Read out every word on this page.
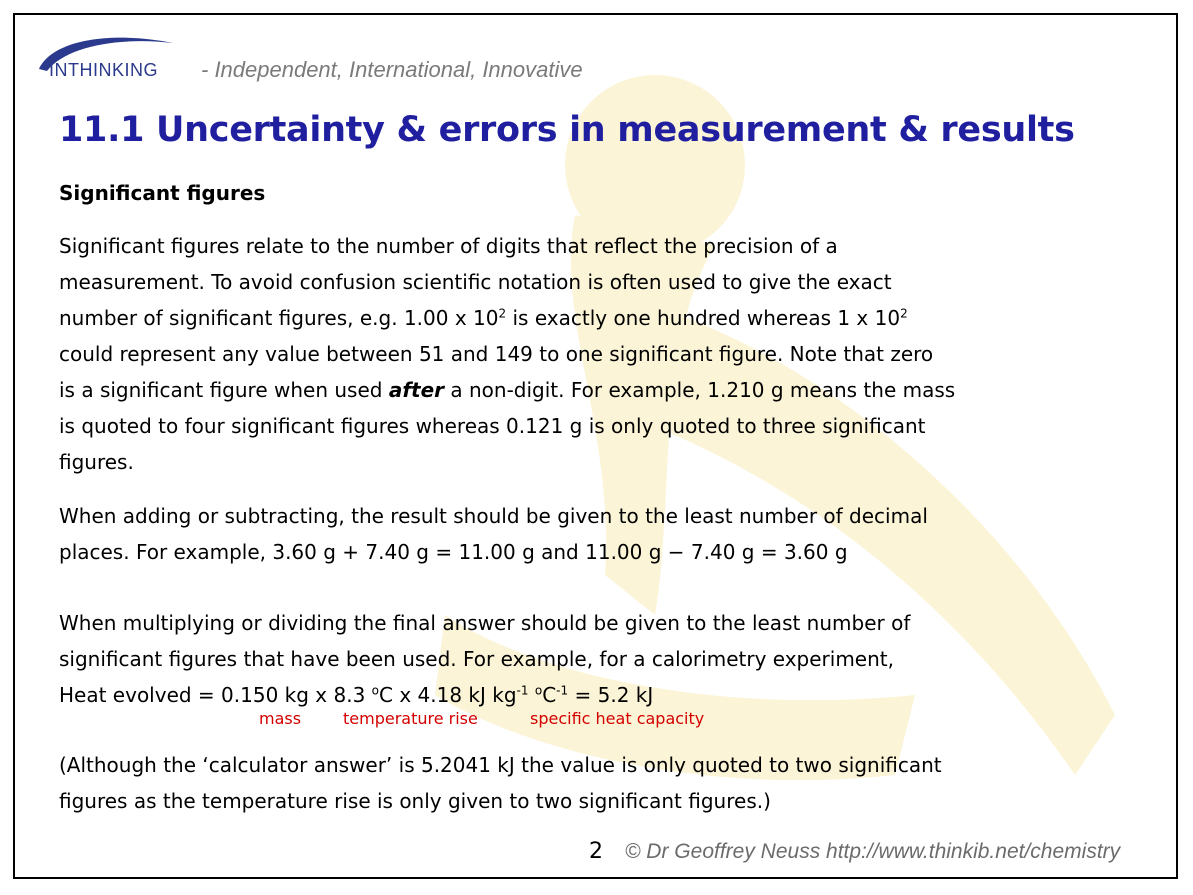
INTHINKING - Independent, International, Innovative
11.1 Uncertainty & errors in measurement & results
Significant figures
Significant figures relate to the number of digits that reflect the precision of a
measurement. To avoid confusion scientific notation is often used to give the exact
number of significant figures, e.g. 1.00 x $10^2$ is exactly one hundred whereas 1 x $10^2$
could represent any value between 51 and 149 to one significant figure. Note that zero
is a significant figure when used after a non-digit. For example, 1.210 g means the mass
is quoted to four significant figures whereas 0.121 g is only quoted to three significant
figures.
When adding or subtracting, the result should be given to the least number of decimal
places. For example, 3.60 g + 7.40 g = 11.00 g and 11.00 g − 7.40 g = 3.60 g
When multiplying or dividing the final answer should be given to the least number of
significant figures that have been used. For example, for a calorimetry experiment,
Heat evolved = 0.150 kg x 8.3 $^o$C x 4.18 kJ $kg^{-1}$ $^oC^{-1} = 5.2$ kJ
mass	temperature rise	specific heat capacity
(Although the ‘calculator answer’ is 5.2041 kJ the value is only quoted to two significant
figures as the temperature rise is only given to two significant figures.)
2 © Dr Geoffrey Neuss http://www.thinkib.net/chemistry
